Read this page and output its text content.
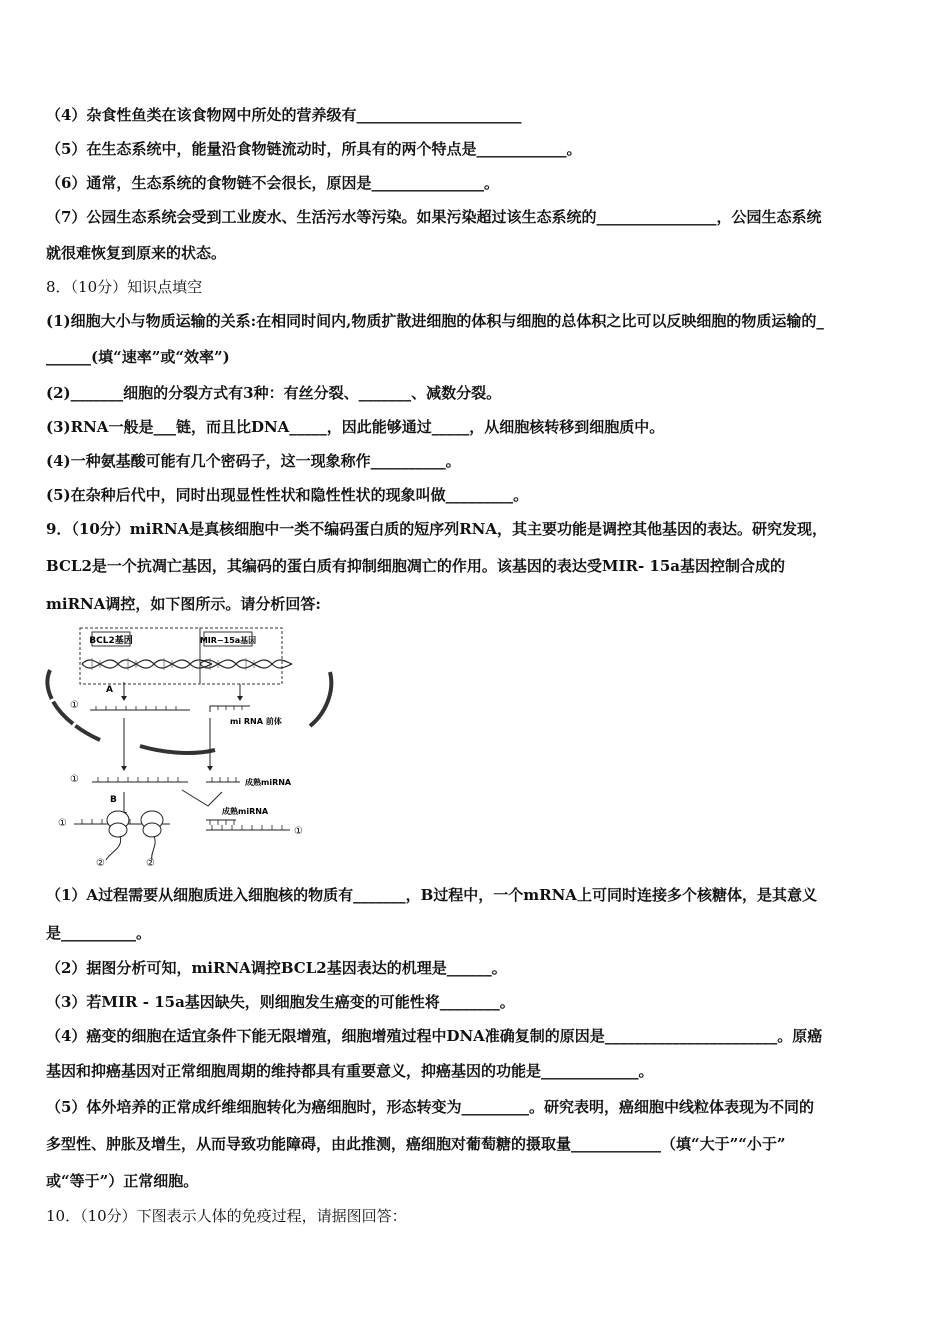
（4）杂食性鱼类在该食物网中所处的营养级有______________________
（5）在生态系统中，能量沿食物链流动时，所具有的两个特点是____________。
（6）通常，生态系统的食物链不会很长，原因是_______________。
（7）公园生态系统会受到工业废水、生活污水等污染。如果污染超过该生态系统的________________，公园生态系统
就很难恢复到原来的状态。
8．（10分）知识点填空
(1)细胞大小与物质运输的关系:在相同时间内,物质扩散进细胞的体积与细胞的总体积之比可以反映细胞的物质运输的_
______(填“速率”或“效率”)
(2)_______细胞的分裂方式有3种：有丝分裂、_______、减数分裂。
(3)RNA一般是___链，而且比DNA_____，因此能够通过_____，从细胞核转移到细胞质中。
(4)一种氨基酸可能有几个密码子，这一现象称作__________。
(5)在杂种后代中，同时出现显性性状和隐性性状的现象叫做_________。
9．（10分）miRNA是真核细胞中一类不编码蛋白质的短序列RNA，其主要功能是调控其他基因的表达。研究发现，
BCL2是一个抗凋亡基因，其编码的蛋白质有抑制细胞凋亡的作用。该基因的表达受MIR- 15a基因控制合成的
miRNA调控，如下图所示。请分析回答:
（1）A过程需要从细胞质进入细胞核的物质有_______，B过程中，一个mRNA上可同时连接多个核糖体，是其意义
是__________。
（2）据图分析可知，miRNA调控BCL2基因表达的机理是______。
（3）若MIR - 15a基因缺失，则细胞发生癌变的可能性将________。
（4）癌变的细胞在适宜条件下能无限增殖，细胞增殖过程中DNA准确复制的原因是_______________________。原癌
基因和抑癌基因对正常细胞周期的维持都具有重要意义，抑癌基因的功能是_____________。
（5）体外培养的正常成纤维细胞转化为癌细胞时，形态转变为_________。研究表明，癌细胞中线粒体表现为不同的
多型性、肿胀及增生，从而导致功能障碍，由此推测，癌细胞对葡萄糖的摄取量____________（填“大于”“小于”
或“等于”）正常细胞。
10．（10分）下图表示人体的免疫过程，请据图回答：
BCL2基因	MIR−15a基因
A
①
mi RNA 前体
①	成熟miRNA
B
成熟miRNA
①
②	②
①
